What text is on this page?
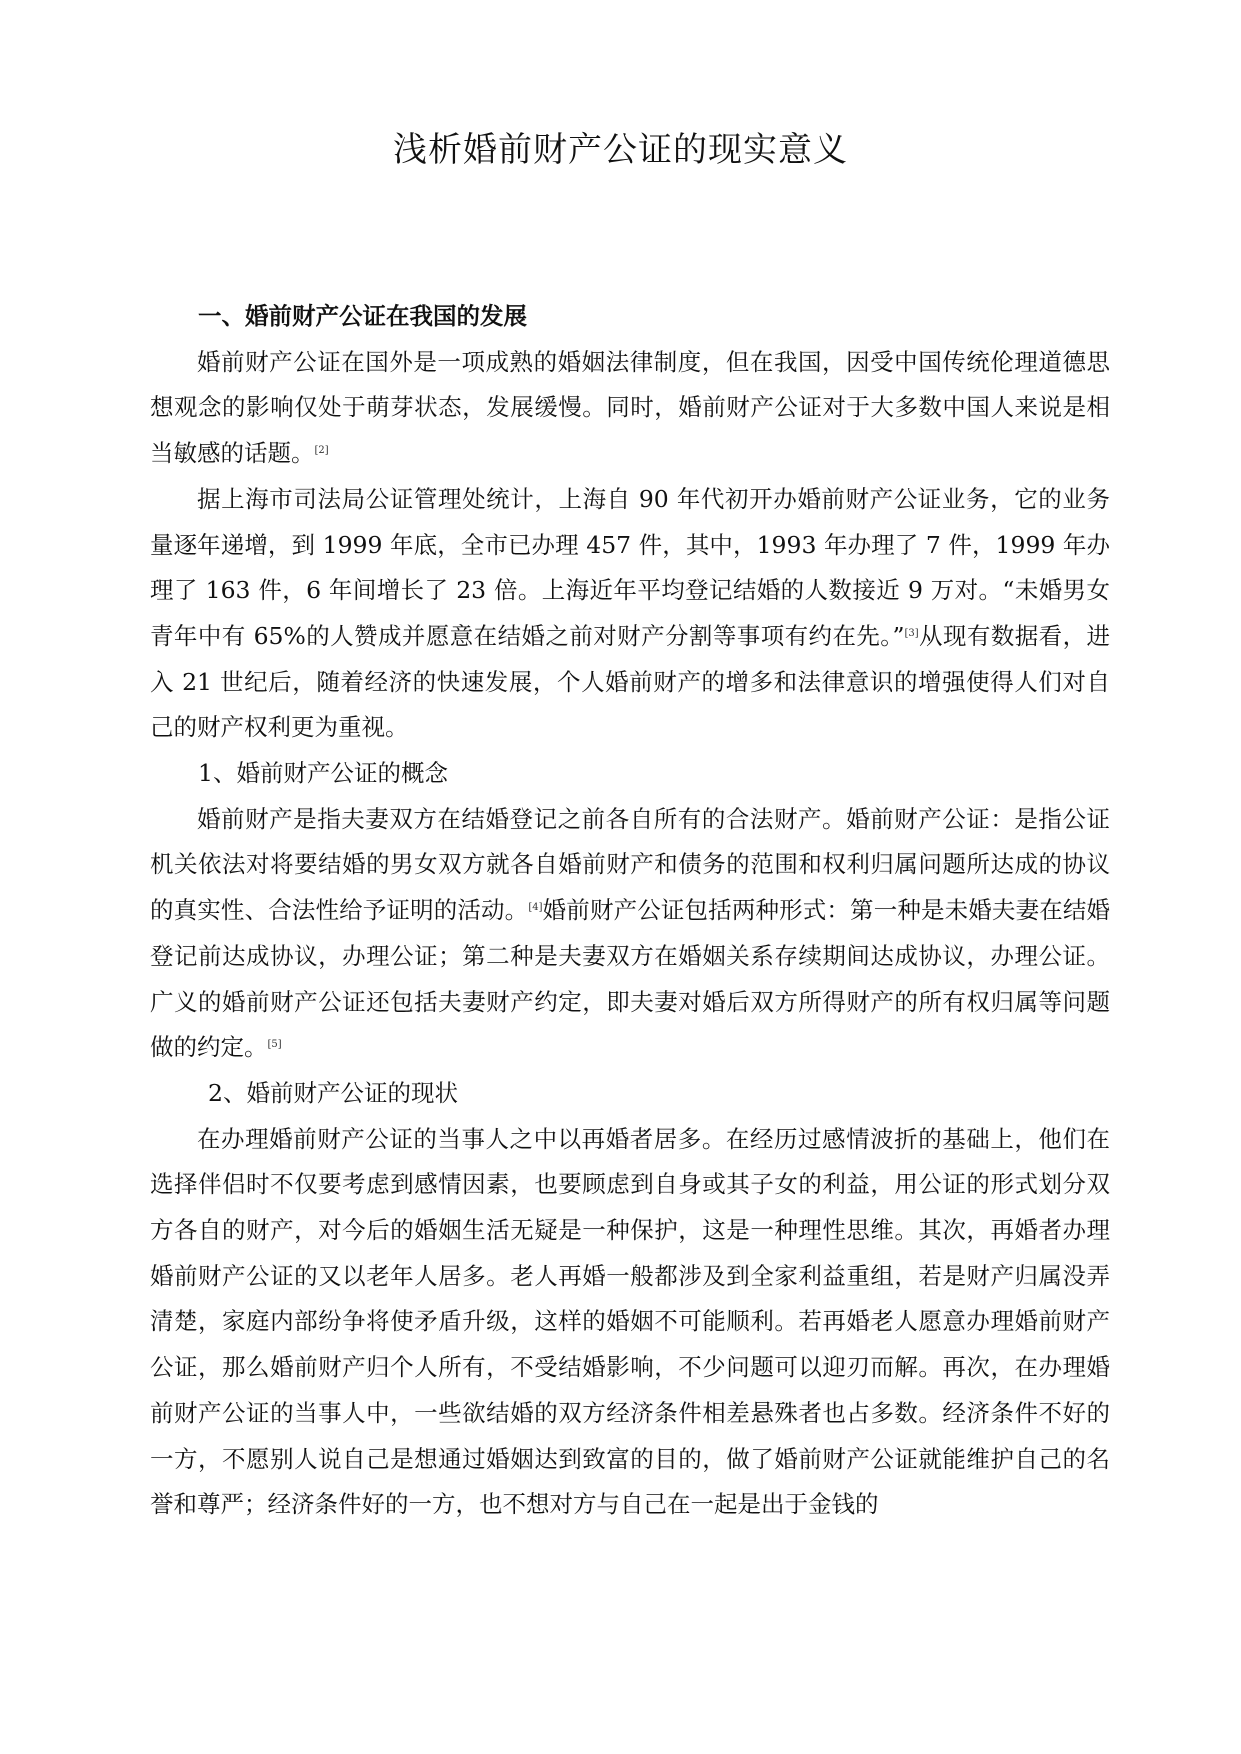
浅析婚前财产公证的现实意义
一、婚前财产公证在我国的发展

婚前财产公证在国外是一项成熟的婚姻法律制度，但在我国，因受中国传统伦理道德思想观念的影响仅处于萌芽状态，发展缓慢。同时，婚前财产公证对于大多数中国人来说是相当敏感的话题。[2]

据上海市司法局公证管理处统计，上海自 90 年代初开办婚前财产公证业务，它的业务量逐年递增，到 1999 年底，全市已办理 457 件，其中，1993 年办理了 7 件，1999 年办理了 163 件，6 年间增长了 23 倍。上海近年平均登记结婚的人数接近 9 万对。“未婚男女青年中有 65%的人赞成并愿意在结婚之前对财产分割等事项有约在先。”[3]从现有数据看，进入 21 世纪后，随着经济的快速发展，个人婚前财产的增多和法律意识的增强使得人们对自己的财产权利更为重视。

1、婚前财产公证的概念

婚前财产是指夫妻双方在结婚登记之前各自所有的合法财产。婚前财产公证：是指公证机关依法对将要结婚的男女双方就各自婚前财产和债务的范围和权利归属问题所达成的协议的真实性、合法性给予证明的活动。[4]婚前财产公证包括两种形式：第一种是未婚夫妻在结婚登记前达成协议，办理公证；第二种是夫妻双方在婚姻关系存续期间达成协议，办理公证。广义的婚前财产公证还包括夫妻财产约定，即夫妻对婚后双方所得财产的所有权归属等问题做的约定。[5]

2、婚前财产公证的现状

在办理婚前财产公证的当事人之中以再婚者居多。在经历过感情波折的基础上，他们在选择伴侣时不仅要考虑到感情因素，也要顾虑到自身或其子女的利益，用公证的形式划分双方各自的财产，对今后的婚姻生活无疑是一种保护，这是一种理性思维。其次，再婚者办理婚前财产公证的又以老年人居多。老人再婚一般都涉及到全家利益重组，若是财产归属没弄清楚，家庭内部纷争将使矛盾升级，这样的婚姻不可能顺利。若再婚老人愿意办理婚前财产公证，那么婚前财产归个人所有，不受结婚影响，不少问题可以迎刃而解。再次，在办理婚前财产公证的当事人中，一些欲结婚的双方经济条件相差悬殊者也占多数。经济条件不好的一方，不愿别人说自己是想通过婚姻达到致富的目的，做了婚前财产公证就能维护自己的名誉和尊严；经济条件好的一方，也不想对方与自己在一起是出于金钱的
